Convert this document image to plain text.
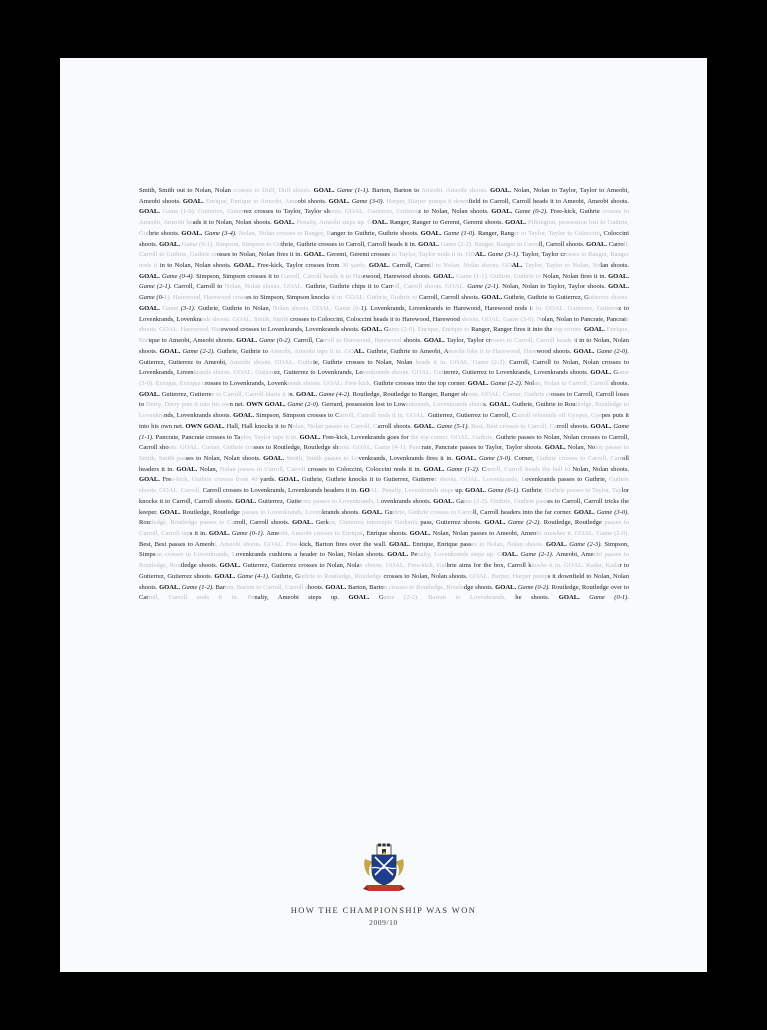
Smith, Smith out to Nolan, Nolan crosses to Duff, Duff shoots. GOAL. Game (1-1). Barton, Barton to Ameobi. Ameobi shoots. GOAL. Nolan, Nolan to Taylor, Taylor to Ameobi, Ameobi shoots. GOAL. Enrique, Enrique to Ameobi, Ameobi shoots. GOAL. Game (3-0). Harper, Harper pumps it downfield to Carroll, Carroll heads it to Ameobi, Ameobi shoots. GOAL. Game (1-0). Gutierrez, Gutierrez crosses to Taylor, Taylor shoots. GOAL. Gutierrez, Gutierrez to Nolan, Nolan shoots. GOAL. Game (0-2). Free-kick, Guthrie crosses to Ameobi, Ameobi heads it to Nolan, Nolan shoots. GOAL. Penalty, Ameobi steps up. GOAL. Ranger, Ranger to Geremi, Geremi shoots. GOAL. Pilkington, possession lost to Guthrie, Guthrie shoots. GOAL. Game (3-4). Nolan, Nolan crosses to Ranger, Ranger to Guthrie, Guthrie shoots. GOAL. Game (1-0). Ranger, Ranger to Taylor, Taylor to Coloccini, Coloccini shoots. GOAL. Game (0-1). Simpson, Simpson to Guthrie, Guthrie crosses to Carroll, Carroll heads it in. GOAL. Game (2-2). Ranger, Ranger to Carroll, Carroll shoots. GOAL. Carroll, Carroll to Guthrie, Guthrie crosses to Nolan, Nolan fires it in. GOAL. Geremi, Geremi crosses to Taylor, Taylor nods it in. GOAL. Game (3-1). Taylor, Taylor crosses to Ranger, Ranger nods it in to Nolan, Nolan shoots. GOAL. Free-kick, Taylor crosses from 30 yards. GOAL. Carroll, Carroll to Nolan, Nolan shoots. GOAL. Taylor, Taylor to Nolan, Nolan shoots. GOAL. Game (0-4). Simpson, Simpson crosses it to Carroll, Carroll heads it to Harewood, Harewood shoots. GOAL. Game (1-1). Guthrie, Guthrie to Nolan, Nolan fires it in. GOAL. Game (2-1). Carroll, Carroll to Nolan, Nolan shoots. GOAL. Guthrie, Guthrie chips it to Carroll, Carroll shoots. GOAL. Game (2-1). Nolan, Nolan to Taylor, Taylor shoots. GOAL. Game (0-1). Harewood, Harewood crosses to Simpson, Simpson knocks it in. GOAL. Guthrie, Guthrie to Carroll, Carroll shoots. GOAL. Guthrie, Guthrie to Gutierrez, Gutierrez shoots. GOAL. Game (3-1). Guthrie, Guthrie to Nolan, Nolan shoots. GOAL. Game (0-1). Lovenkrands, Lovenkrands to Harewood, Harewood nods it in. GOAL. Gutierrez, Gutierrez to Lovenkrands, Lovenkrands shoots. GOAL. Smith, Smith crosses to Coloccini, Coloccini heads it to Harewood, Harewood shoots. GOAL. Game (3-0). Nolan, Nolan to Pancrate, Pancrate shoots. GOAL. Harewood, Harewood crosses to Lovenkrands, Lovenkrands shoots. GOAL. Game (2-0). Enrique, Enrique to Ranger, Ranger fires it into the top corner. GOAL. Enrique, Enrique to Ameobi, Ameobi shoots. GOAL. Game (0-2). Carroll, Carroll to Harewood, Harewood shoots. GOAL. Taylor, Taylor crosses to Carroll, Carroll heads it in to Nolan, Nolan shoots. GOAL. Game (2-2). Guthrie, Guthrie to Ameobi, Ameobi taps it in. GOAL. Guthrie, Guthrie to Ameobi, Ameobi lobs it to Harewood, Harewood shoots. GOAL. Game (2-0). Gutierrez, Gutierrez to Ameobi, Ameobi shoots. GOAL. Guthrie, Guthrie crosses to Nolan, Nolan heads it in. GOAL. Game (2-2). Carroll, Carroll to Nolan, Nolan crosses to Lovenkrands, Lovenkrands shoots. GOAL. Gutierrez, Gutierrez to Lovenkrands, Lovenkrands shoots. GOAL. Gutierrez, Gutierrez to Lovenkrands, Lovenkrands shoots. GOAL. Game (3-0). Enrique, Enrique crosses to Lovenkrands, Lovenkrands shoots. GOAL. Free-kick, Guthrie crosses into the top corner. GOAL. Game (2-2). Nolan, Nolan to Carroll, Carroll shoots. GOAL. Gutierrez, Gutierrez to Carroll, Carroll blasts it in. GOAL. Game (4-2). Routledge, Routledge to Ranger, Ranger shoots. GOAL. Corner, Guthrie crosses to Carroll, Carroll loses to Derry, Derry puts it into his own net. OWN GOAL. Game (2-0). Gerrard, possession lost to Lowenkrands, Lovenkrands shoots. GOAL. Guthrie, Guthrie to Routledge, Routledge to Lovenkrands, Lovenkrands shoots. GOAL. Simpson, Simpson crosses to Carroll, Carroll nods it in. GOAL. Gutierrez, Gutierrez to Carroll, Carroll rebounds off Gyepes, Gyepes puts it into his own net. OWN GOAL. Hall, Hall knocks it to Nolan, Nolan passes to Carroll, Carroll shoots. GOAL. Game (5-1). Best, Best crosses to Carroll, Carroll shoots. GOAL. Game (1-1). Pancrate, Pancrate crosses to Taylor, Taylor taps it in. GOAL. Free-kick, Lovenkrands goes for the top corner. GOAL. Guthrie, Guthrie passes to Nolan, Nolan crosses to Carroll, Carroll shoots. GOAL. Corner, Guthrie crosses to Routledge, Routledge shoots. GOAL. Game (4-1). Pancrate, Pancrate passes to Taylor, Taylor shoots. GOAL. Nolan, Nolan passes to Smith, Smith passes to Nolan, Nolan shoots. GOAL. Smith, Smith passes to Lovenkrands, Lovenkrands fires it in. GOAL. Game (3-0). Corner, Guthrie crosses to Carroll, Carroll headers it in. GOAL. Nolan, Nolan passes to Carroll, Carroll crosses to Coloccini, Coloccini nods it in. GOAL. Game (1-2). Carroll, Carroll heads the ball to Nolan, Nolan shoots. GOAL. Free-kick, Guthrie crosses from 40 yards. GOAL. Guthrie, Guthrie knocks it to Gutierrez, Gutierrez shoots. GOAL. Lovenkrands, Lovenkrands passes to Guthrie, Guthrie shoots. GOAL. Carroll, Carroll crosses to Lovenkrands, Lovenkrands headers it in. GOAL. Penalty, Lovenkrands steps up. GOAL. Game (6-1). Guthrie, Guthrie passes to Taylor, Taylor knocks it to Carroll, Carroll shoots. GOAL. Gutierrez, Gutierrez passes to Lovenkrands, Lovenkrands shoots. GOAL. Game (2-2). Guthrie, Guthrie passes to Carroll, Carroll tricks the keeper. GOAL. Routledge, Routledge passes to Lovenkrands, Lovenkrands shoots. GOAL. Guthrie, Guthrie crosses to Carroll, Carroll headers into the far corner. GOAL. Game (3-0). Routledge, Routledge passes to Carroll, Carroll shoots. GOAL. Gerken, Gutierrez intercepts Gerken's pass, Gutierrez shoots. GOAL. Game (2-2). Routledge, Routledge passes to Carroll, Carroll taps it in. GOAL. Game (0-1). Ameobi, Ameobi crosses to Enrique, Enrique shoots. GOAL. Nolan, Nolan passes to Ameobi, Ameobi smashes it. GOAL. Game (2-0). Best, Best passes to Ameobi, Ameobi shoots. GOAL. Free-kick, Barton fires over the wall. GOAL. Enrique, Enrique passes to Nolan, Nolan shoots. GOAL. Game (2-3). Simpson, Simpson crosses to Lovenkrands, Lovenkrands cushions a header to Nolan, Nolan shoots. GOAL. Penalty, Lovenkrands steps up. GOAL. Game (2-1). Ameobi, Ameobi passes to Routledge, Routledge shoots. GOAL. Gutierrez, Gutierrez crosses to Nolan, Nolan shoots. GOAL. Free-kick, Guthrie aims for the box, Carroll knocks it in. GOAL. Kadar, Kadar to Gutierrez, Gutierrez shoots. GOAL. Game (4-1). Guthrie, Guthrie to Routledge, Routledge crosses to Nolan, Nolan shoots. GOAL. Harper, Harper pumps it downfield to Nolan, Nolan shoots. GOAL. Game (1-2). Barton, Barton to Carroll, Carroll shoots. GOAL. Barton, Barton crosses to Routledge, Routledge shoots. GOAL. Game (0-2). Routledge, Routledge over to Carroll, Carroll nods it in. Penalty, Ameobi steps up. GOAL. Game (2-2). Barton to Lovenkrands, he shoots. GOAL. Game (0-1).

HOW THE CHAMPIONSHIP WAS WON
2009/10
